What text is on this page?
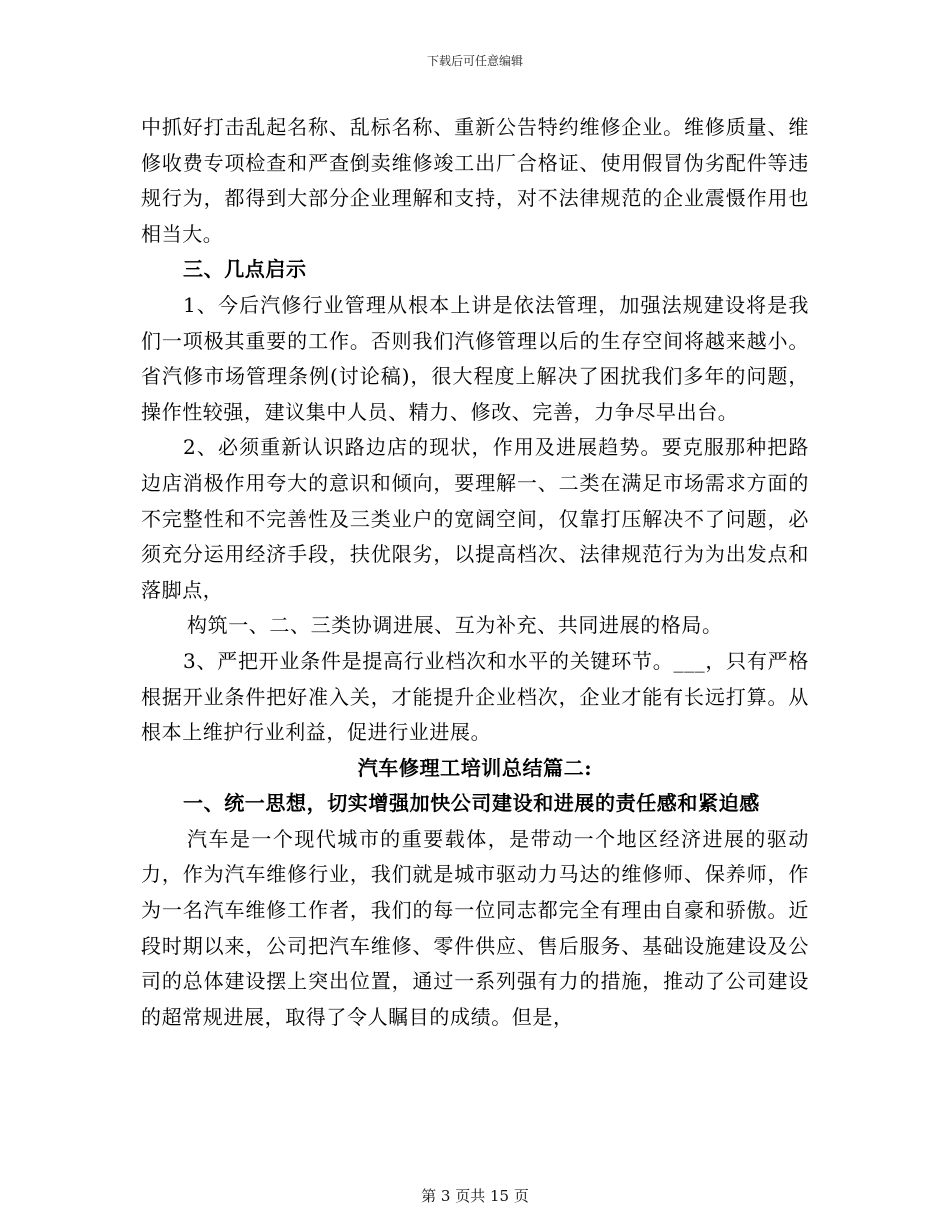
下载后可任意编辑

中抓好打击乱起名称、乱标名称、重新公告特约维修企业。维修质量、维修收费专项检查和严查倒卖维修竣工出厂合格证、使用假冒伪劣配件等违规行为，都得到大部分企业理解和支持，对不法律规范的企业震慑作用也相当大。

三、几点启示

1、今后汽修行业管理从根本上讲是依法管理，加强法规建设将是我们一项极其重要的工作。否则我们汽修管理以后的生存空间将越来越小。省汽修市场管理条例(讨论稿)，很大程度上解决了困扰我们多年的问题，操作性较强，建议集中人员、精力、修改、完善，力争尽早出台。

2、必须重新认识路边店的现状，作用及进展趋势。要克服那种把路边店消极作用夸大的意识和倾向，要理解一、二类在满足市场需求方面的不完整性和不完善性及三类业户的宽阔空间，仅靠打压解决不了问题，必须充分运用经济手段，扶优限劣，以提高档次、法律规范行为为出发点和落脚点，

构筑一、二、三类协调进展、互为补充、共同进展的格局。

3、严把开业条件是提高行业档次和水平的关键环节。___，只有严格根据开业条件把好准入关，才能提升企业档次，企业才能有长远打算。从根本上维护行业利益，促进行业进展。

汽车修理工培训总结篇二:

一、统一思想，切实增强加快公司建设和进展的责任感和紧迫感

汽车是一个现代城市的重要载体，是带动一个地区经济进展的驱动力，作为汽车维修行业，我们就是城市驱动力马达的维修师、保养师，作为一名汽车维修工作者，我们的每一位同志都完全有理由自豪和骄傲。近段时期以来，公司把汽车维修、零件供应、售后服务、基础设施建设及公司的总体建设摆上突出位置，通过一系列强有力的措施，推动了公司建设的超常规进展，取得了令人瞩目的成绩。但是，

第 3 页共 15 页
